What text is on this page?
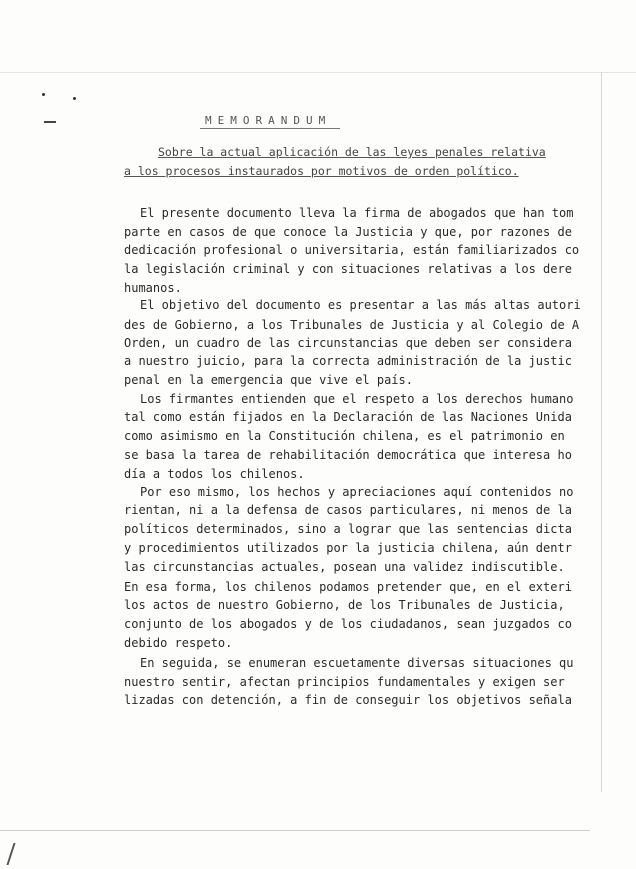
MEMORANDUM
Sobre la actual aplicación de las leyes penales relativa
a los procesos instaurados por motivos de orden político.
El presente documento lleva la firma de abogados que han tom
parte en casos de que conoce la Justicia y que, por razones de
dedicación profesional o universitaria, están familiarizados co
la legislación criminal y con situaciones relativas a los dere
humanos.
El objetivo del documento es presentar a las más altas autori
des de Gobierno, a los Tribunales de Justicia y al Colegio de A
Orden, un cuadro de las circunstancias que deben ser considera
a nuestro juicio, para la correcta administración de la justic
penal en la emergencia que vive el país.
Los firmantes entienden que el respeto a los derechos humano
tal como están fijados en la Declaración de las Naciones Unida
como asimismo en la Constitución chilena, es el patrimonio en
se basa la tarea de rehabilitación democrática que interesa ho
día a todos los chilenos.
Por eso mismo, los hechos y apreciaciones aquí contenidos no
rientan, ni a la defensa de casos particulares, ni menos de la
políticos determinados, sino a lograr que las sentencias dicta
y procedimientos utilizados por la justicia chilena, aún dentr
las circunstancias actuales, posean una validez indiscutible.
En esa forma, los chilenos podamos pretender que, en el exteri
los actos de nuestro Gobierno, de los Tribunales de Justicia,
conjunto de los abogados y de los ciudadanos, sean juzgados co
debido respeto.
En seguida, se enumeran escuetamente diversas situaciones qu
nuestro sentir, afectan principios fundamentales y exigen ser
lizadas con detención, a fin de conseguir los objetivos señala
